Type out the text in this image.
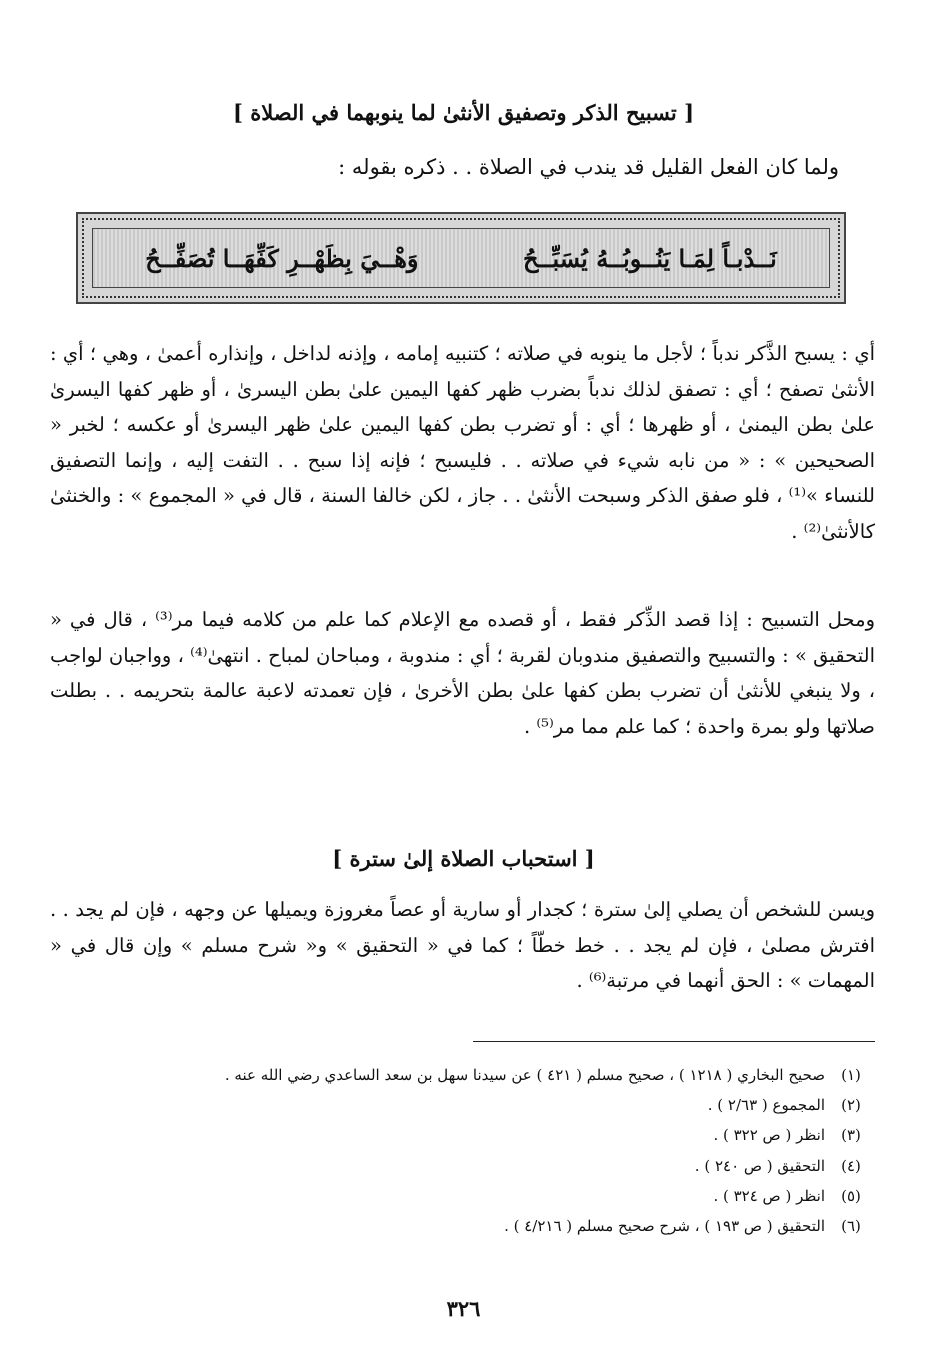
[ تسبيح الذكر وتصفيق الأنثىٰ لما ينوبهما في الصلاة ]
ولما كان الفعل القليل قد يندب في الصلاة . . ذكره بقوله :
نَــدْبـاً لِمَـا يَنُــوبُــهُ يُسَبِّــحُ
وَهْــيَ بِظَهْــرِ كَفِّهَــا تُصَفِّــحُ
أي : يسبح الذَّكر ندباً ؛ لأجل ما ينوبه في صلاته ؛ كتنبيه إمامه ، وإذنه لداخل ، وإنذاره أعمىٰ ، وهي ؛ أي : الأنثىٰ تصفح ؛ أي : تصفق لذلك ندباً بضرب ظهر كفها اليمين علىٰ بطن اليسرىٰ ، أو ظهر كفها اليسرىٰ علىٰ بطن اليمنىٰ ، أو ظهرها ؛ أي : أو تضرب بطن كفها اليمين علىٰ ظهر اليسرىٰ أو عكسه ؛ لخبر « الصحيحين » : « من نابه شيء في صلاته . . فليسبح ؛ فإنه إذا سبح . . التفت إليه ، وإنما التصفيق للنساء »⁽¹⁾ ، فلو صفق الذكر وسبحت الأنثىٰ . . جاز ، لكن خالفا السنة ، قال في « المجموع » : والخنثىٰ كالأنثىٰ⁽²⁾ .
ومحل التسبيح : إذا قصد الذِّكر فقط ، أو قصده مع الإعلام كما علم من كلامه فيما مر⁽³⁾ ، قال في « التحقيق » : والتسبيح والتصفيق مندوبان لقربة ؛ أي : مندوبة ، ومباحان لمباح . انتهىٰ⁽⁴⁾ ، وواجبان لواجب ، ولا ينبغي للأنثىٰ أن تضرب بطن كفها علىٰ بطن الأخرىٰ ، فإن تعمدته لاعبة عالمة بتحريمه . . بطلت صلاتها ولو بمرة واحدة ؛ كما علم مما مر⁽⁵⁾ .
[ استحباب الصلاة إلىٰ سترة ]
ويسن للشخص أن يصلي إلىٰ سترة ؛ كجدار أو سارية أو عصاً مغروزة ويميلها عن وجهه ، فإن لم يجد . . افترش مصلىٰ ، فإن لم يجد . . خط خطّاً ؛ كما في « التحقيق » و« شرح مسلم » وإن قال في « المهمات » : الحق أنهما في مرتبة⁽⁶⁾ .
(١)
صحيح البخاري ( ١٢١٨ ) ، صحيح مسلم ( ٤٢١ ) عن سيدنا سهل بن سعد الساعدي رضي الله عنه .
(٢)
المجموع ( ٢/٦٣ ) .
(٣)
انظر ( ص ٣٢٢ ) .
(٤)
التحقيق ( ص ٢٤٠ ) .
(٥)
انظر ( ص ٣٢٤ ) .
(٦)
التحقيق ( ص ١٩٣ ) ، شرح صحيح مسلم ( ٤/٢١٦ ) .
٣٢٦
